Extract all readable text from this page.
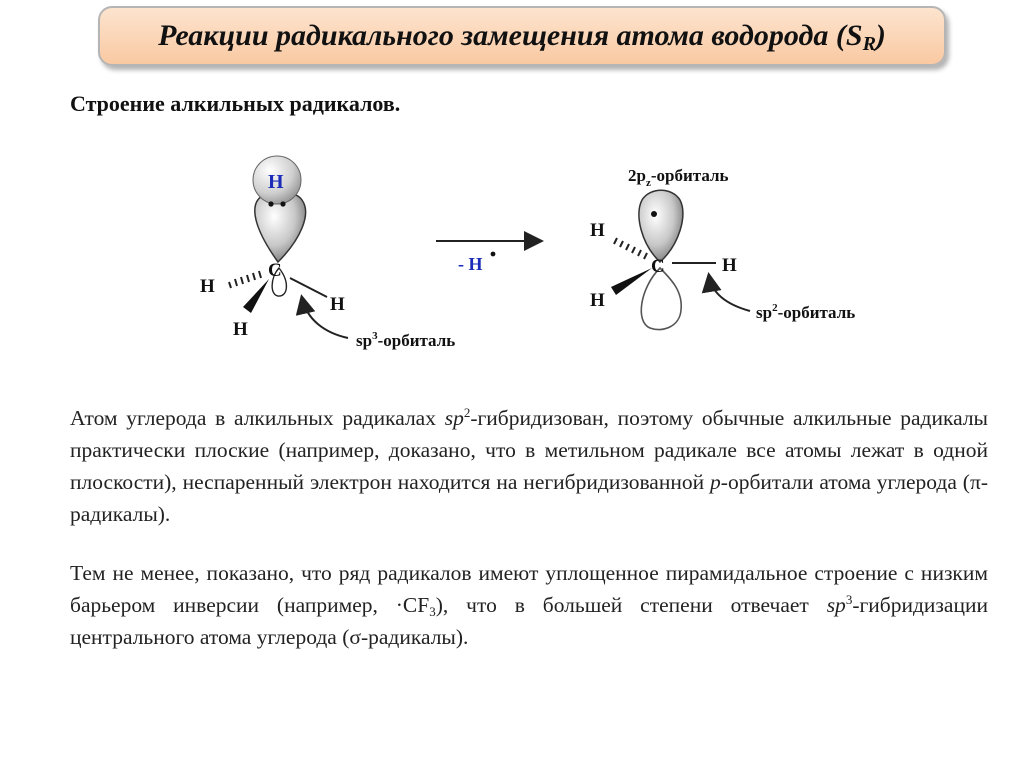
Реакции радикального замещения атома водорода $(S_R)$
Строение алкильных радикалов.
H
C
H
H
H
$sp^3$-орбиталь
- H
$2p_z$-орбиталь
C
H
H
H
$sp^2$-орбиталь

Атом углерода в алкильных радикалах $sp^2$-гибридизован, поэтому обычные алкильные радикалы практически плоские (например, доказано, что в метильном радикале все атомы лежат в одной плоскости), неспаренный электрон находится на негибридизованной p-орбитали атома углерода (π-радикалы).

Тем не менее, показано, что ряд радикалов имеют уплощенное пирамидальное строение с низким барьером инверсии (например, $\cdot CF_3$), что в большей степени отвечает $sp^3$-гибридизации центрального атома углерода (σ-радикалы).
